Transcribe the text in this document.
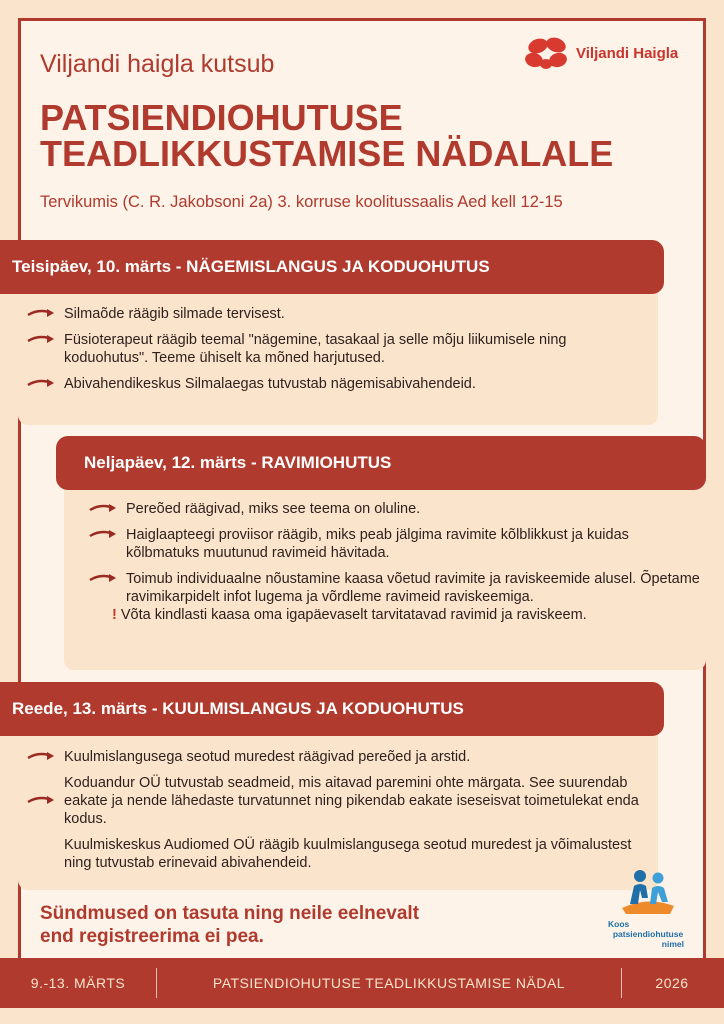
Viljandi haigla kutsub	Viljandi Haigla
PATSIENDIOHUTUSE
TEADLIKKUSTAMISE NÄDALALE
Tervikumis (C. R. Jakobsoni 2a) 3. korruse koolitussaalis Aed kell 12-15
Teisipäev, 10. märts - NÄGEMISLANGUS JA KODUOHUTUS
Silmaõde räägib silmade tervisest.
Füsioterapeut räägib teemal "nägemine, tasakaal ja selle mõju liikumisele ning koduohutus". Teeme ühiselt ka mõned harjutused.
Abivahendikeskus Silmalaegas tutvustab nägemisabivahendeid.
Neljapäev, 12. märts - RAVIMIOHUTUS
Pereõed räägivad, miks see teema on oluline.
Haiglaapteegi proviisor räägib, miks peab jälgima ravimite kõlblikkust ja kuidas kõlbmatuks muutunud ravimeid hävitada.
Toimub individuaalne nõustamine kaasa võetud ravimite ja raviskeemide alusel. Õpetame ravimikarpidelt infot lugema ja võrdleme ravimeid raviskeemiga.
! Võta kindlasti kaasa oma igapäevaselt tarvitatavad ravimid ja raviskeem.
Reede, 13. märts - KUULMISLANGUS JA KODUOHUTUS
Kuulmislangusega seotud muredest räägivad pereõed ja arstid.
Koduandur OÜ tutvustab seadmeid, mis aitavad paremini ohte märgata. See suurendab eakate ja nende lähedaste turvatunnet ning pikendab eakate iseseisvat toimetulekat enda kodus.
Kuulmiskeskus Audiomed OÜ räägib kuulmislangusega seotud muredest ja võimalustest ning tutvustab erinevaid abivahendeid.
Sündmused on tasuta ning neile eelnevalt
end registreerima ei pea.
Koos
patsiendiohutuse
nimel
9.-13. MÄRTS	PATSIENDIOHUTUSE TEADLIKKUSTAMISE NÄDAL	2026
